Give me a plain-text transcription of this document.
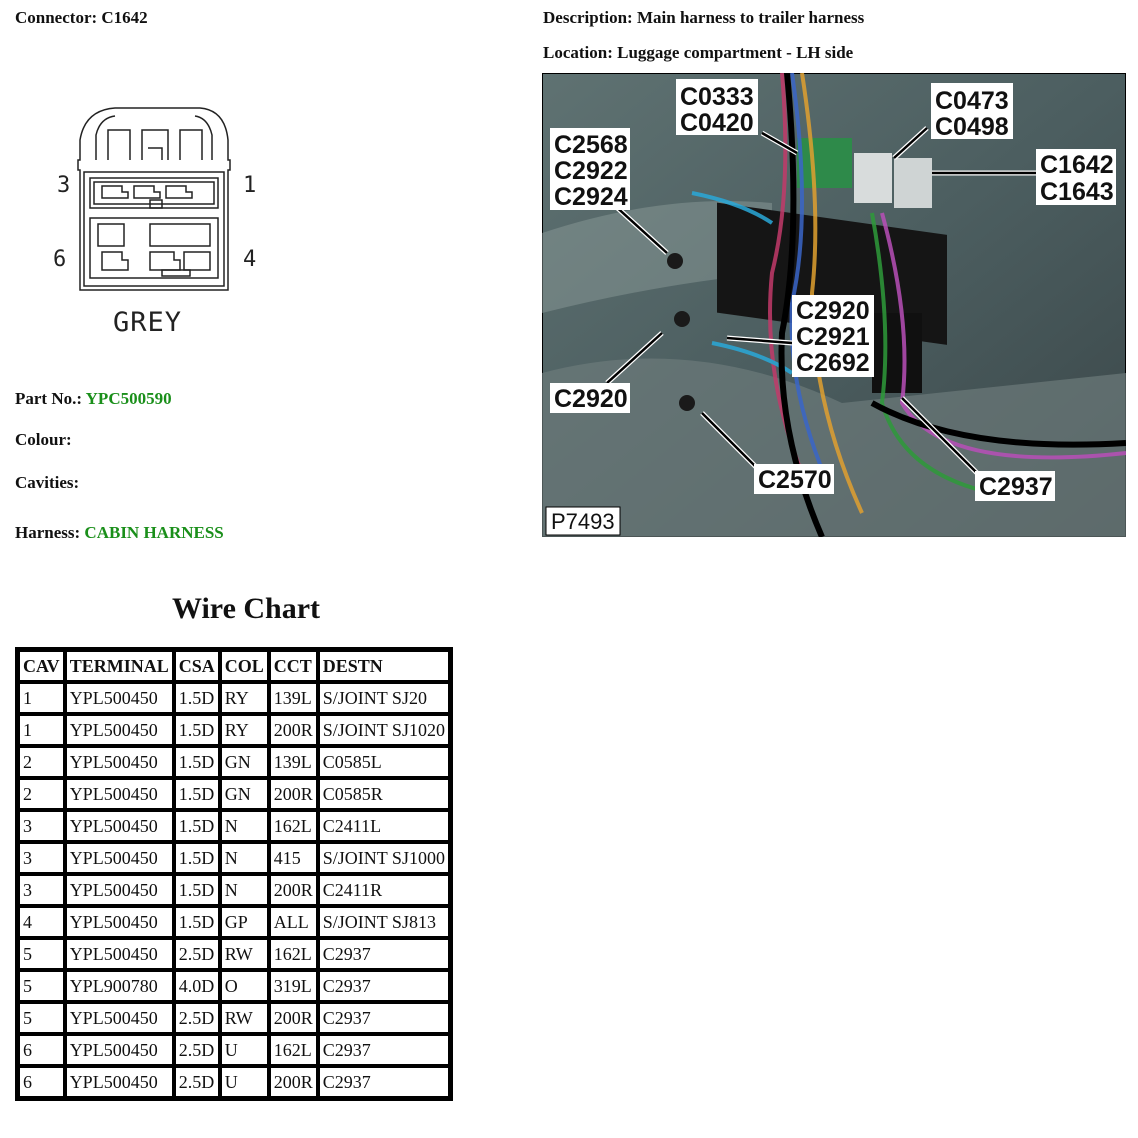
Connector: C1642	Description: Main harness to trailer harness
Location: Luggage compartment - LH side
3	1
6	4
GREY
Part No.: YPC500590
Colour:
Cavities:
Harness: CABIN HARNESS
Wire Chart
CAV	TERMINAL	CSA	COL	CCT	DESTN
1	YPL500450	1.5D	RY	139L	S/JOINT SJ20
1	YPL500450	1.5D	RY	200R	S/JOINT SJ1020
2	YPL500450	1.5D	GN	139L	C0585L
2	YPL500450	1.5D	GN	200R	C0585R
3	YPL500450	1.5D	N	162L	C2411L
3	YPL500450	1.5D	N	415	S/JOINT SJ1000
3	YPL500450	1.5D	N	200R	C2411R
4	YPL500450	1.5D	GP	ALL	S/JOINT SJ813
5	YPL500450	2.5D	RW	162L	C2937
5	YPL900780	4.0D	O	319L	C2937
5	YPL500450	2.5D	RW	200R	C2937
6	YPL500450	2.5D	U	162L	C2937
6	YPL500450	2.5D	U	200R	C2937
C0333
C0420
C0473
C0498
C2568
C2922
C2924
C1642
C1643
C2920
C2921
C2692
C2920
C2570	C2937
P7493
